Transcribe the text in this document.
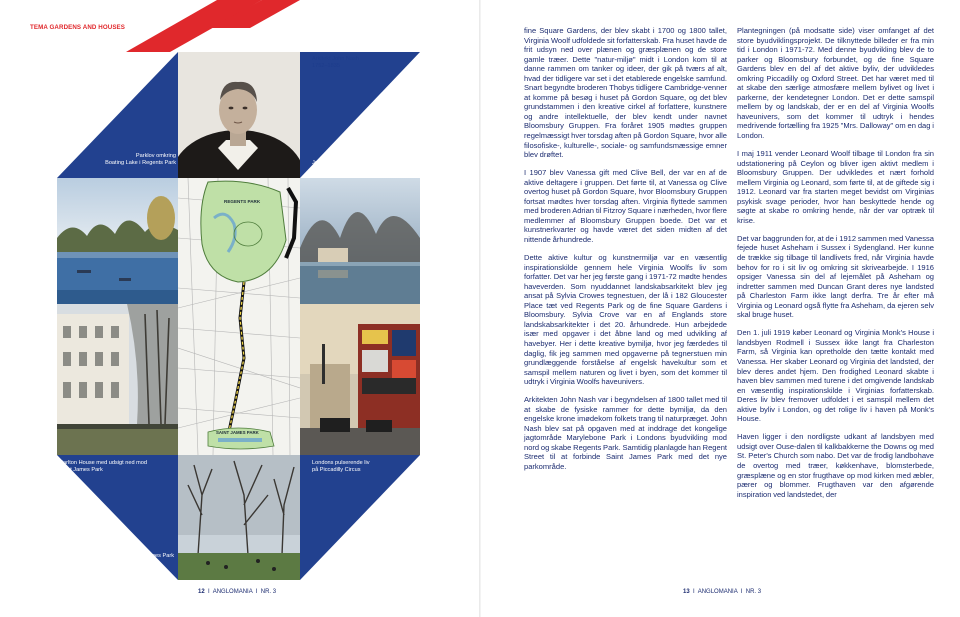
TEMA GARDENS AND HOUSES
REGENTS PARK
SAINT JAMES PARK
Arkitekt John Nash
1752–1835
Parklov omkring
Boating Lake i Regents Park	John Nash bydel omkring Regents Park
Carlton House med udsigt ned mod
Saint James Park
Londons pulserende liv
på Piccadilly Circus
Livet i Saint James Park

fine Square Gardens, der blev skabt i 1700 og 1800 tallet, Virginia Woolf udfoldede sit forfatterskab. Fra huset havde de frit udsyn ned over plænen og græsplænen og de store gamle træer. Dette "natur-miljø" midt i London kom til at danne rammen om tanker og ideer, der gik på tværs af alt, hvad der tidligere var set i det etablerede engelske samfund. Snart begyndte broderen Thobys tidligere Cambridge-venner at komme på besøg i huset på Gordon Square, og det blev grundstammen i den kreative cirkel af forfattere, kunstnere og andre intellektuelle, der blev kendt under navnet Bloomsbury Gruppen. Fra foråret 1905 mødtes gruppen regelmæssigt hver torsdag aften på Gordon Square, hvor alle filosofiske-, kulturelle-, sociale- og samfundsmæssige emner blev drøftet.

I 1907 blev Vanessa gift med Clive Bell, der var en af de aktive deltagere i gruppen. Det førte til, at Vanessa og Clive overtog huset på Gordon Square, hvor Bloomsbury Gruppen fortsat mødtes hver torsdag aften. Virginia flyttede sammen med broderen Adrian til Fitzroy Square i nærheden, hvor flere medlemmer af Bloomsbury Gruppen boede. Det var et kunstnerkvarter og havde været det siden midten af det nittende århundrede.

Dette aktive kultur og kunstnermiljø var en væsentlig inspirationskilde gennem hele Virginia Woolfs liv som forfatter. Det var her jeg første gang i 1971-72 mødte hendes haveverden. Som nyuddannet landskabsarkitekt blev jeg ansat på Sylvia Crowes tegnestuen, der lå i 182 Gloucester Place tæt ved Regents Park og de fine Square Gardens i Bloomsbury. Sylvia Crove var en af Englands store landskabsarkitekter i det 20. århundrede. Hun arbejdede især med opgaver i det åbne land og med udvikling af havebyer. Her i dette kreative bymiljø, hvor jeg færdedes til daglig, fik jeg sammen med opgaverne på tegnerstuen min grundlæggende forståelse af engelsk havekultur som et samspil mellem naturen og livet i byen, som det kommer til udtryk i Virginia Woolfs haveunivers.

Arkitekten John Nash var i begyndelsen af 1800 tallet med til at skabe de fysiske rammer for dette bymiljø, da den engelske krone imødekom folkets trang til naturpræget. John Nash blev sat på opgaven med at inddrage det kongelige jagtområde Marylebone Park i Londons byudvikling mod nord og skabe Regents Park. Samtidig planlagde han Regent Street til at forbinde Saint James Park med det nye parkområde.

Plantegningen (på modsatte side) viser omfanget af det store byudviklingsprojekt. De tilknyttede billeder er fra min tid i London i 1971-72. Med denne byudvikling blev de to parker og Bloomsbury forbundet, og de fine Square Gardens blev en del af det aktive byliv, der udvikledes omkring Piccadilly og Oxford Street. Det har været med til at skabe den særlige atmosfære mellem bylivet og livet i parkerne, der kendetegner London. Det er dette samspil mellem by og landskab, der er en del af Virginia Woolfs haveunivers, som det kommer til udtryk i hendes medrivende fortælling fra 1925 "Mrs. Dalloway" om en dag i London.

I maj 1911 vender Leonard Woolf tilbage til London fra sin udstationering på Ceylon og bliver igen aktivt medlem i Bloomsbury Gruppen. Der udvikledes et nært forhold mellem Virginia og Leonard, som førte til, at de giftede sig i 1912. Leonard var fra starten meget bevidst om Virginias psykisk svage perioder, hvor han beskyttede hende og søgte at skabe ro omkring hende, når der var optræk til krise.

Det var baggrunden for, at de i 1912 sammen med Vanessa fejede huset Asheham i Sussex i Sydengland. Her kunne de trække sig tilbage til landlivets fred, når Virginia havde behov for ro i sit liv og omkring sit skrivearbejde. I 1916 opsiger Vanessa sin del af lejemålet på Asheham og indretter sammen med Duncan Grant deres nye landsted på Charleston Farm ikke langt derfra. Tre år efter må Virginia og Leonard også flytte fra Asheham, da ejeren selv skal bruge huset.

Den 1. juli 1919 køber Leonard og Virginia Monk's House i landsbyen Rodmell i Sussex ikke langt fra Charleston Farm, så Virginia kan opretholde den tætte kontakt med Vanessa. Her skaber Leonard og Virginia det landsted, der blev deres andet hjem. Den frodighed Leonard skabte i haven blev sammen med turene i det omgivende landskab en væsentlig inspirationskilde i Virginias forfatterskab. Deres liv blev fremover udfoldet i et samspil mellem det aktive byliv i London, og det rolige liv i haven på Monk's House.

Haven ligger i den nordligste udkant af landsbyen med udsigt over Ouse-dalen til kalkbakkerne the Downs og med St. Peter's Church som nabo. Det var de frodig landbohave de overtog med træer, køkkenhave, blomsterbede, græsplæne og en stor frugthave op mod kirken med æbler, pærer og blommer. Frugthaven var den afgørende inspiration ved landstedet, der

12 I ANGLOMANIA I NR. 3	13 I ANGLOMANIA I NR. 3
